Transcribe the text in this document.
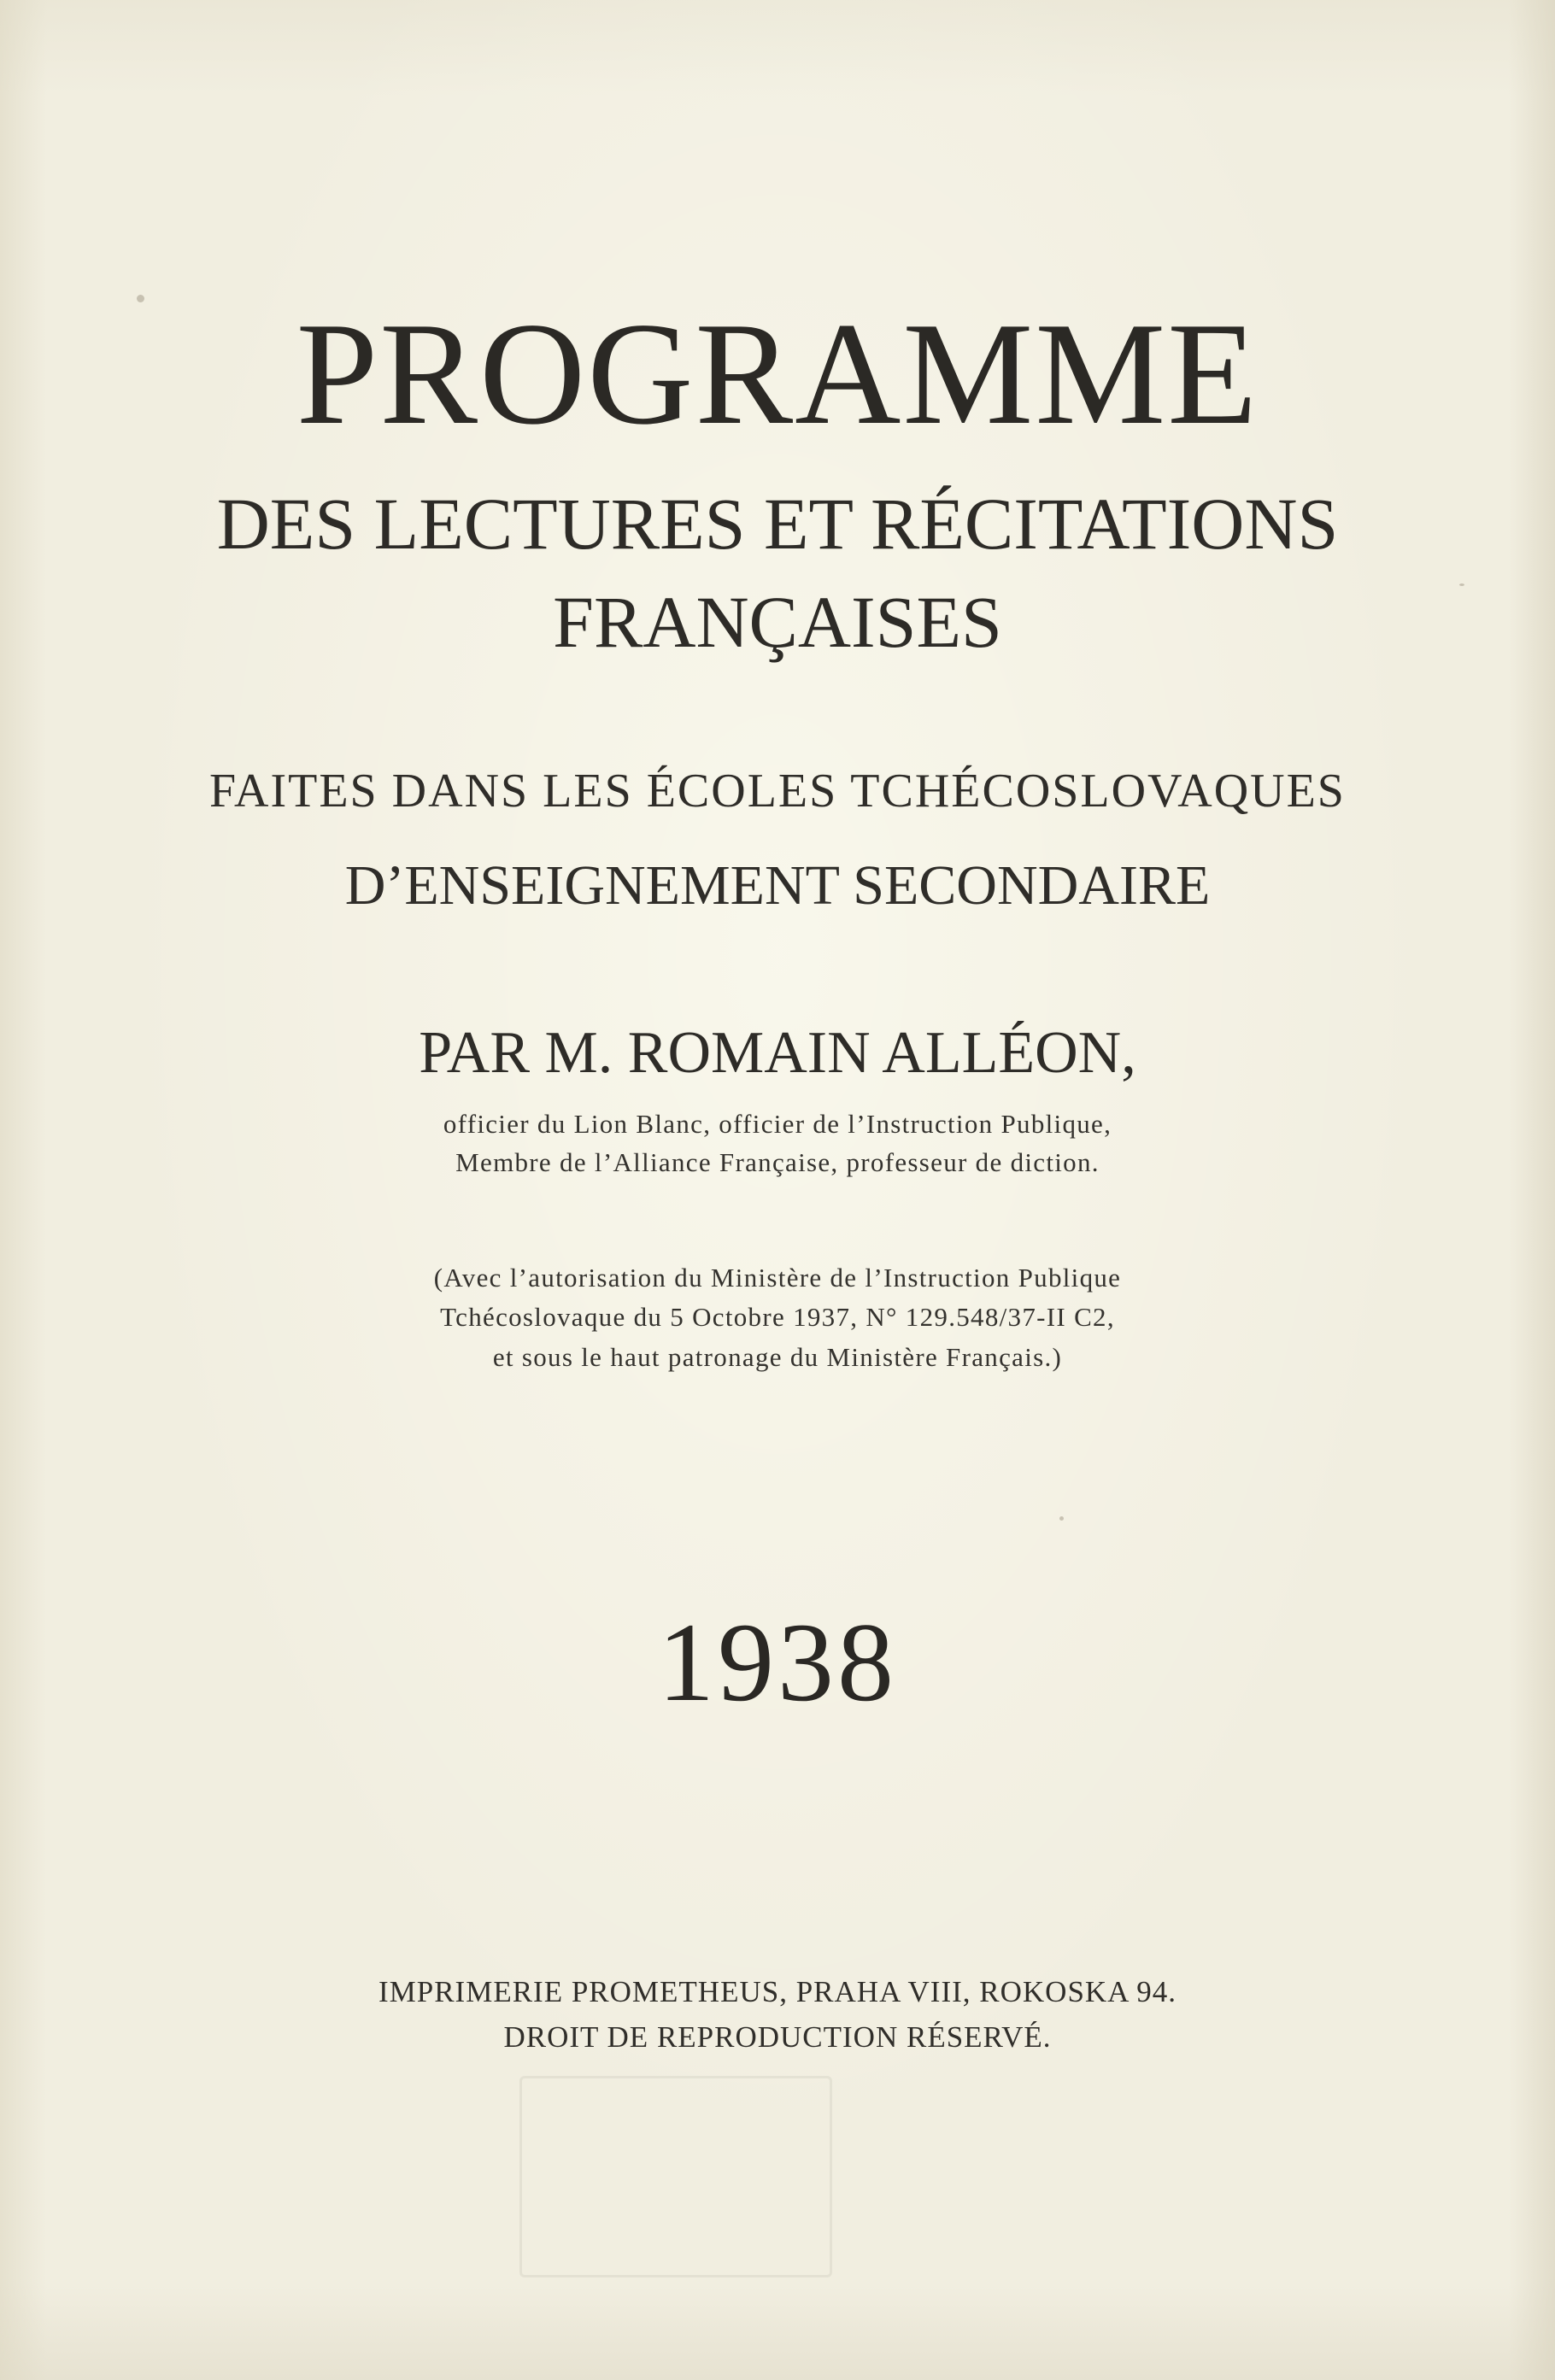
PROGRAMME
DES LECTURES ET RÉCITATIONS
FRANÇAISES
FAITES DANS LES ÉCOLES TCHÉCOSLOVAQUES
D’ENSEIGNEMENT SECONDAIRE
PAR M. ROMAIN ALLÉON,
officier du Lion Blanc, officier de l’Instruction Publique,
Membre de l’Alliance Française, professeur de diction.
(Avec l’autorisation du Ministère de l’Instruction Publique
Tchécoslovaque du 5 Octobre 1937, N° 129.548/37-II C2,
et sous le haut patronage du Ministère Français.)
1938
IMPRIMERIE PROMETHEUS, PRAHA VIII, ROKOSKA 94.
DROIT DE REPRODUCTION RÉSERVÉ.
